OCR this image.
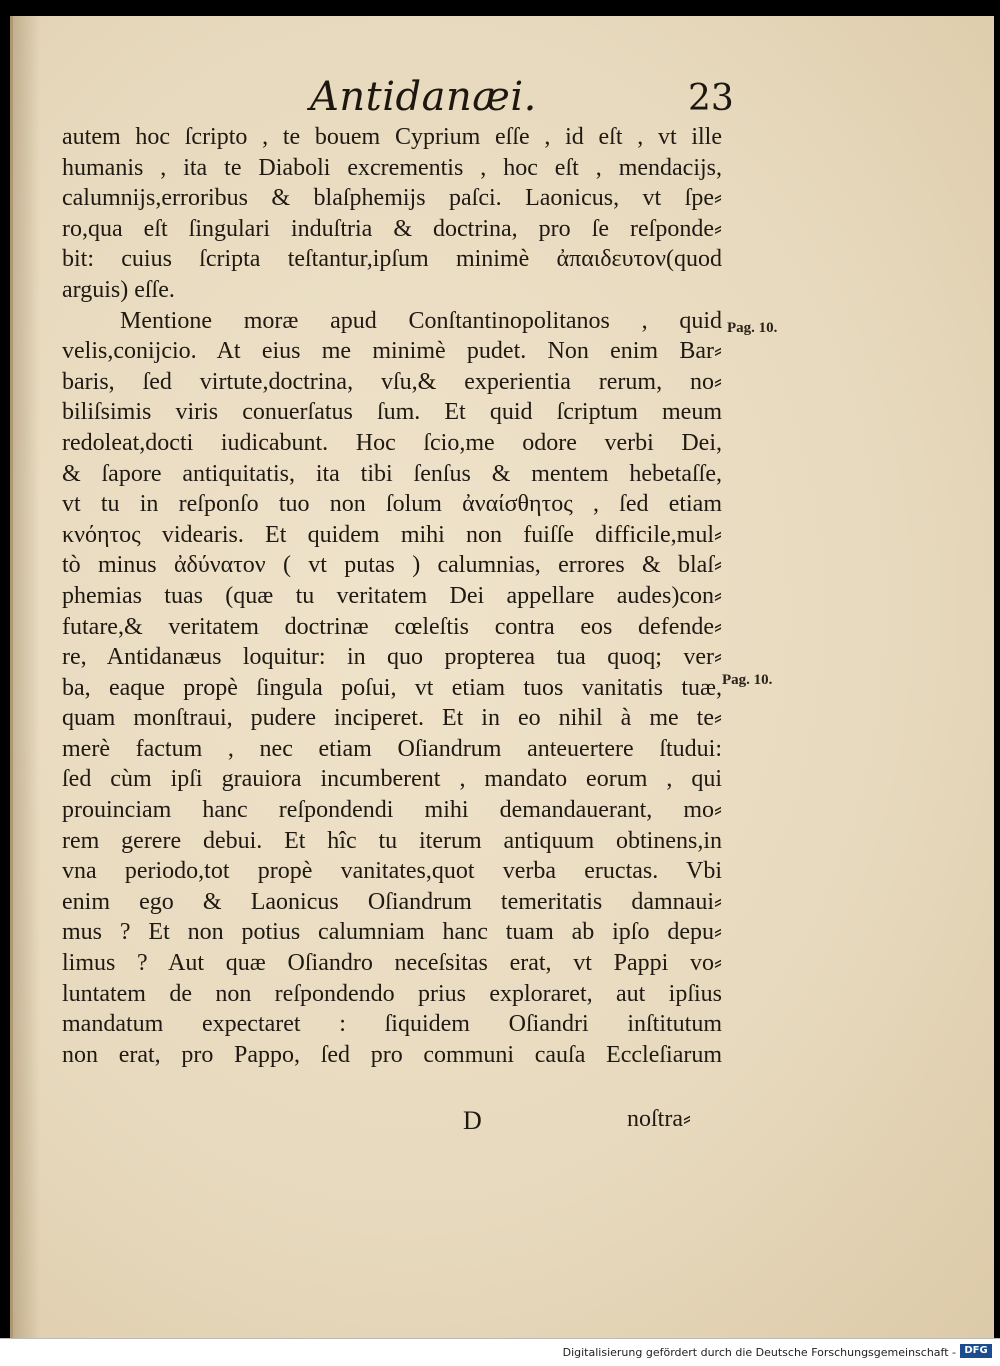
Antidanæi.	23
autem hoc ſcripto , te bouem Cyprium eſſe , id eſt , vt ille
humanis , ita te Diaboli excrementis , hoc eſt , mendacijs,
calumnijs,erroribus & blaſphemijs paſci. Laonicus, vt ſpe⸗
ro,qua eſt ſingulari induſtria & doctrina, pro ſe reſponde⸗
bit: cuius ſcripta teſtantur,ipſum minimè ἀπαιδευτον(quod
arguis) eſſe.
Mentione moræ apud Conſtantinopolitanos , quid
velis,conijcio. At eius me minimè pudet. Non enim Bar⸗
baris, ſed virtute,doctrina, vſu,& experientia rerum, no⸗
biliſsimis viris conuerſatus ſum. Et quid ſcriptum meum
redoleat,docti iudicabunt. Hoc ſcio,me odore verbi Dei,
& ſapore antiquitatis, ita tibi ſenſus & mentem hebetaſſe,
vt tu in reſponſo tuo non ſolum ἀναίσθητος , ſed etiam
κνόητος videaris. Et quidem mihi non fuiſſe difficile,mul⸗
tò minus ἀδύνατον ( vt putas ) calumnias, errores & blaſ⸗
phemias tuas (quæ tu veritatem Dei appellare audes)con⸗
futare,& veritatem doctrinæ cœleſtis contra eos defende⸗
re, Antidanæus loquitur: in quo propterea tua quoq; ver⸗
ba, eaque propè ſingula poſui, vt etiam tuos vanitatis tuæ,
quam monſtraui, pudere inciperet. Et in eo nihil à me te⸗
merè factum , nec etiam Oſiandrum anteuertere ſtudui:
ſed cùm ipſi grauiora incumberent , mandato eorum , qui
prouinciam hanc reſpondendi mihi demandauerant, mo⸗
rem gerere debui. Et hîc tu iterum antiquum obtinens,in
vna periodo,tot propè vanitates,quot verba eructas. Vbi
enim ego & Laonicus Oſiandrum temeritatis damnaui⸗
mus ? Et non potius calumniam hanc tuam ab ipſo depu⸗
limus ? Aut quæ Oſiandro neceſsitas erat, vt Pappi vo⸗
luntatem de non reſpondendo prius exploraret, aut ipſius
mandatum expectaret : ſiquidem Oſiandri inſtitutum
non erat, pro Pappo, ſed pro communi cauſa Eccleſiarum
Pag. 10.
Pag. 10.
D	noſtra⸗
Digitalisierung gefördert durch die Deutsche Forschungsgemeinschaft - DFG
